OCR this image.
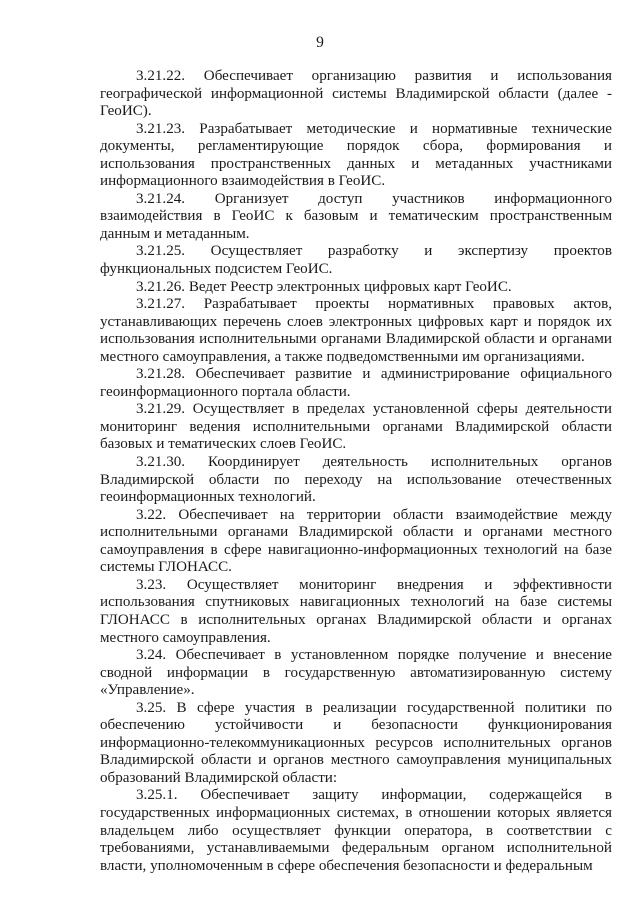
9

3.21.22. Обеспечивает организацию развития и использования географической информационной системы Владимирской области (далее - ГеоИС).

3.21.23. Разрабатывает методические и нормативные технические документы, регламентирующие порядок сбора, формирования и использования пространственных данных и метаданных участниками информационного взаимодействия в ГеоИС.

3.21.24. Организует доступ участников информационного взаимодействия в ГеоИС к базовым и тематическим пространственным данным и метаданным.

3.21.25. Осуществляет разработку и экспертизу проектов функциональных подсистем ГеоИС.

3.21.26. Ведет Реестр электронных цифровых карт ГеоИС.

3.21.27. Разрабатывает проекты нормативных правовых актов, устанавливающих перечень слоев электронных цифровых карт и порядок их использования исполнительными органами Владимирской области и органами местного самоуправления, а также подведомственными им организациями.

3.21.28. Обеспечивает развитие и администрирование официального геоинформационного портала области.

3.21.29. Осуществляет в пределах установленной сферы деятельности мониторинг ведения исполнительными органами Владимирской области базовых и тематических слоев ГеоИС.

3.21.30. Координирует деятельность исполнительных органов Владимирской области по переходу на использование отечественных геоинформационных технологий.

3.22. Обеспечивает на территории области взаимодействие между исполнительными органами Владимирской области и органами местного самоуправления в сфере навигационно-информационных технологий на базе системы ГЛОНАСС.

3.23. Осуществляет мониторинг внедрения и эффективности использования спутниковых навигационных технологий на базе системы ГЛОНАСС в исполнительных органах Владимирской области и органах местного самоуправления.

3.24. Обеспечивает в установленном порядке получение и внесение сводной информации в государственную автоматизированную систему «Управление».

3.25. В сфере участия в реализации государственной политики по обеспечению устойчивости и безопасности функционирования информационно-телекоммуникационных ресурсов исполнительных органов Владимирской области и органов местного самоуправления муниципальных образований Владимирской области:

3.25.1. Обеспечивает защиту информации, содержащейся в государственных информационных системах, в отношении которых является владельцем либо осуществляет функции оператора, в соответствии с требованиями, устанавливаемыми федеральным органом исполнительной власти, уполномоченным в сфере обеспечения безопасности и федеральным
